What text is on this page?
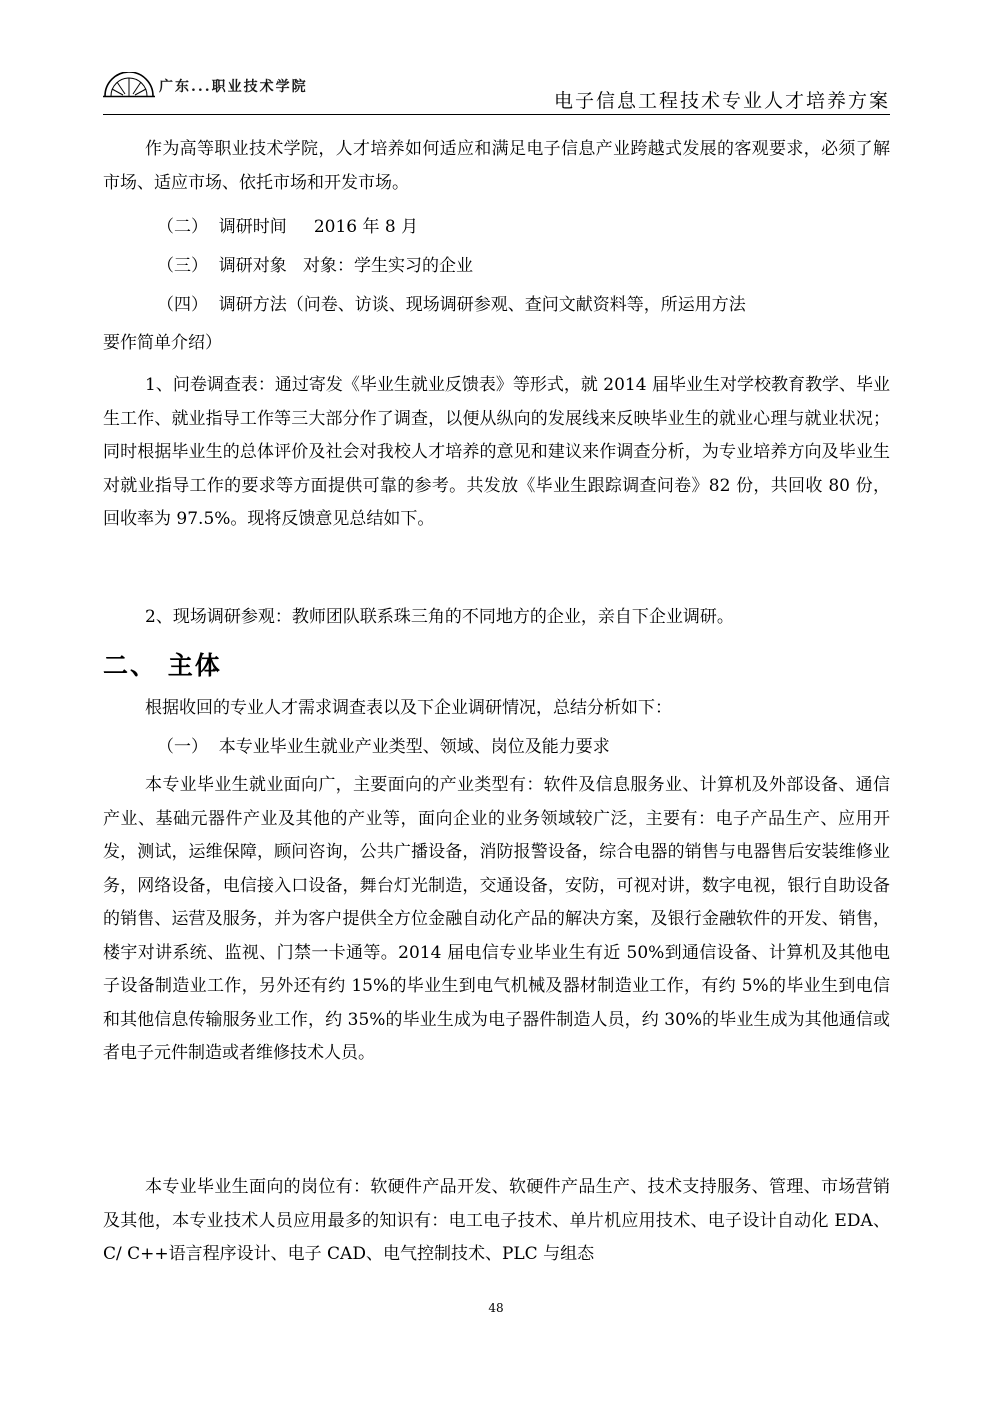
广东...职业技术学院
电子信息工程技术专业人才培养方案
作为高等职业技术学院，人才培养如何适应和满足电子信息产业跨越式发展的客观要求，必须了解市场、适应市场、依托市场和开发市场。
（二）  调研时间     2016 年 8 月
（三）  调研对象   对象：学生实习的企业
（四）  调研方法（问卷、访谈、现场调研参观、查问文献资料等，所运用方法
要作简单介绍）
1、问卷调查表：通过寄发《毕业生就业反馈表》等形式，就 2014 届毕业生对学校教育教学、毕业生工作、就业指导工作等三大部分作了调查，以便从纵向的发展线来反映毕业生的就业心理与就业状况；同时根据毕业生的总体评价及社会对我校人才培养的意见和建议来作调查分析，为专业培养方向及毕业生对就业指导工作的要求等方面提供可靠的参考。共发放《毕业生跟踪调查问卷》82 份，共回收 80 份，回收率为 97.5%。现将反馈意见总结如下。
2、现场调研参观：教师团队联系珠三角的不同地方的企业，亲自下企业调研。
二、 主体
根据收回的专业人才需求调查表以及下企业调研情况，总结分析如下：
（一）  本专业毕业生就业产业类型、领域、岗位及能力要求
本专业毕业生就业面向广，主要面向的产业类型有：软件及信息服务业、计算机及外部设备、通信产业、基础元器件产业及其他的产业等，面向企业的业务领域较广泛，主要有：电子产品生产、应用开发，测试，运维保障，顾问咨询，公共广播设备，消防报警设备，综合电器的销售与电器售后安装维修业务，网络设备，电信接入口设备，舞台灯光制造，交通设备，安防，可视对讲，数字电视，银行自助设备的销售、运营及服务，并为客户提供全方位金融自动化产品的解决方案，及银行金融软件的开发、销售，楼宇对讲系统、监视、门禁一卡通等。2014 届电信专业毕业生有近 50%到通信设备、计算机及其他电子设备制造业工作，另外还有约 15%的毕业生到电气机械及器材制造业工作，有约 5%的毕业生到电信和其他信息传输服务业工作，约 35%的毕业生成为电子器件制造人员，约 30%的毕业生成为其他通信或者电子元件制造或者维修技术人员。
本专业毕业生面向的岗位有：软硬件产品开发、软硬件产品生产、技术支持服务、管理、市场营销及其他，本专业技术人员应用最多的知识有：电工电子技术、单片机应用技术、电子设计自动化 EDA、 C/ C++语言程序设计、电子 CAD、电气控制技术、PLC 与组态
48
